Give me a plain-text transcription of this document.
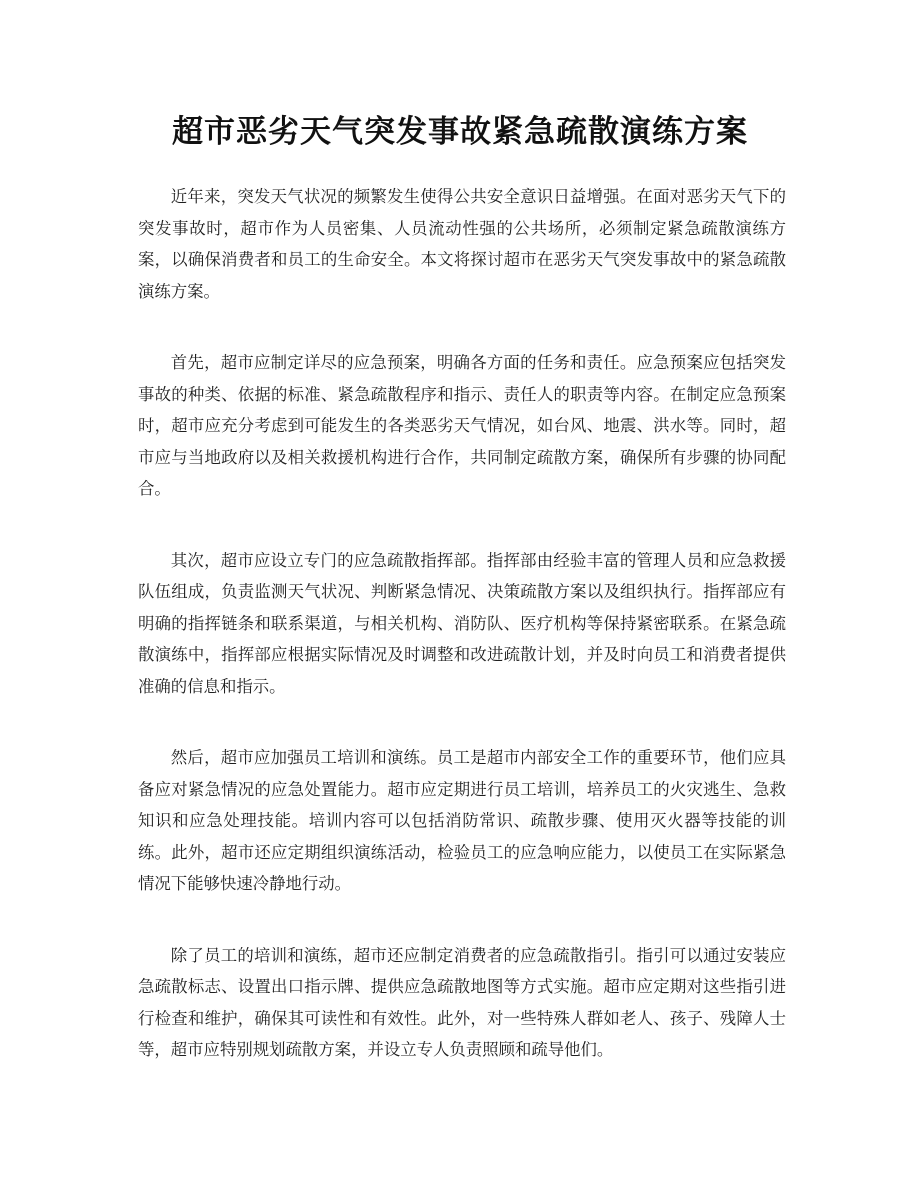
超市恶劣天气突发事故紧急疏散演练方案

近年来，突发天气状况的频繁发生使得公共安全意识日益增强。在面对恶劣天气下的突发事故时，超市作为人员密集、人员流动性强的公共场所，必须制定紧急疏散演练方案，以确保消费者和员工的生命安全。本文将探讨超市在恶劣天气突发事故中的紧急疏散演练方案。

首先，超市应制定详尽的应急预案，明确各方面的任务和责任。应急预案应包括突发事故的种类、依据的标准、紧急疏散程序和指示、责任人的职责等内容。在制定应急预案时，超市应充分考虑到可能发生的各类恶劣天气情况，如台风、地震、洪水等。同时，超市应与当地政府以及相关救援机构进行合作，共同制定疏散方案，确保所有步骤的协同配合。

其次，超市应设立专门的应急疏散指挥部。指挥部由经验丰富的管理人员和应急救援队伍组成，负责监测天气状况、判断紧急情况、决策疏散方案以及组织执行。指挥部应有明确的指挥链条和联系渠道，与相关机构、消防队、医疗机构等保持紧密联系。在紧急疏散演练中，指挥部应根据实际情况及时调整和改进疏散计划，并及时向员工和消费者提供准确的信息和指示。

然后，超市应加强员工培训和演练。员工是超市内部安全工作的重要环节，他们应具备应对紧急情况的应急处置能力。超市应定期进行员工培训，培养员工的火灾逃生、急救知识和应急处理技能。培训内容可以包括消防常识、疏散步骤、使用灭火器等技能的训练。此外，超市还应定期组织演练活动，检验员工的应急响应能力，以使员工在实际紧急情况下能够快速冷静地行动。

除了员工的培训和演练，超市还应制定消费者的应急疏散指引。指引可以通过安装应急疏散标志、设置出口指示牌、提供应急疏散地图等方式实施。超市应定期对这些指引进行检查和维护，确保其可读性和有效性。此外，对一些特殊人群如老人、孩子、残障人士等，超市应特别规划疏散方案，并设立专人负责照顾和疏导他们。
